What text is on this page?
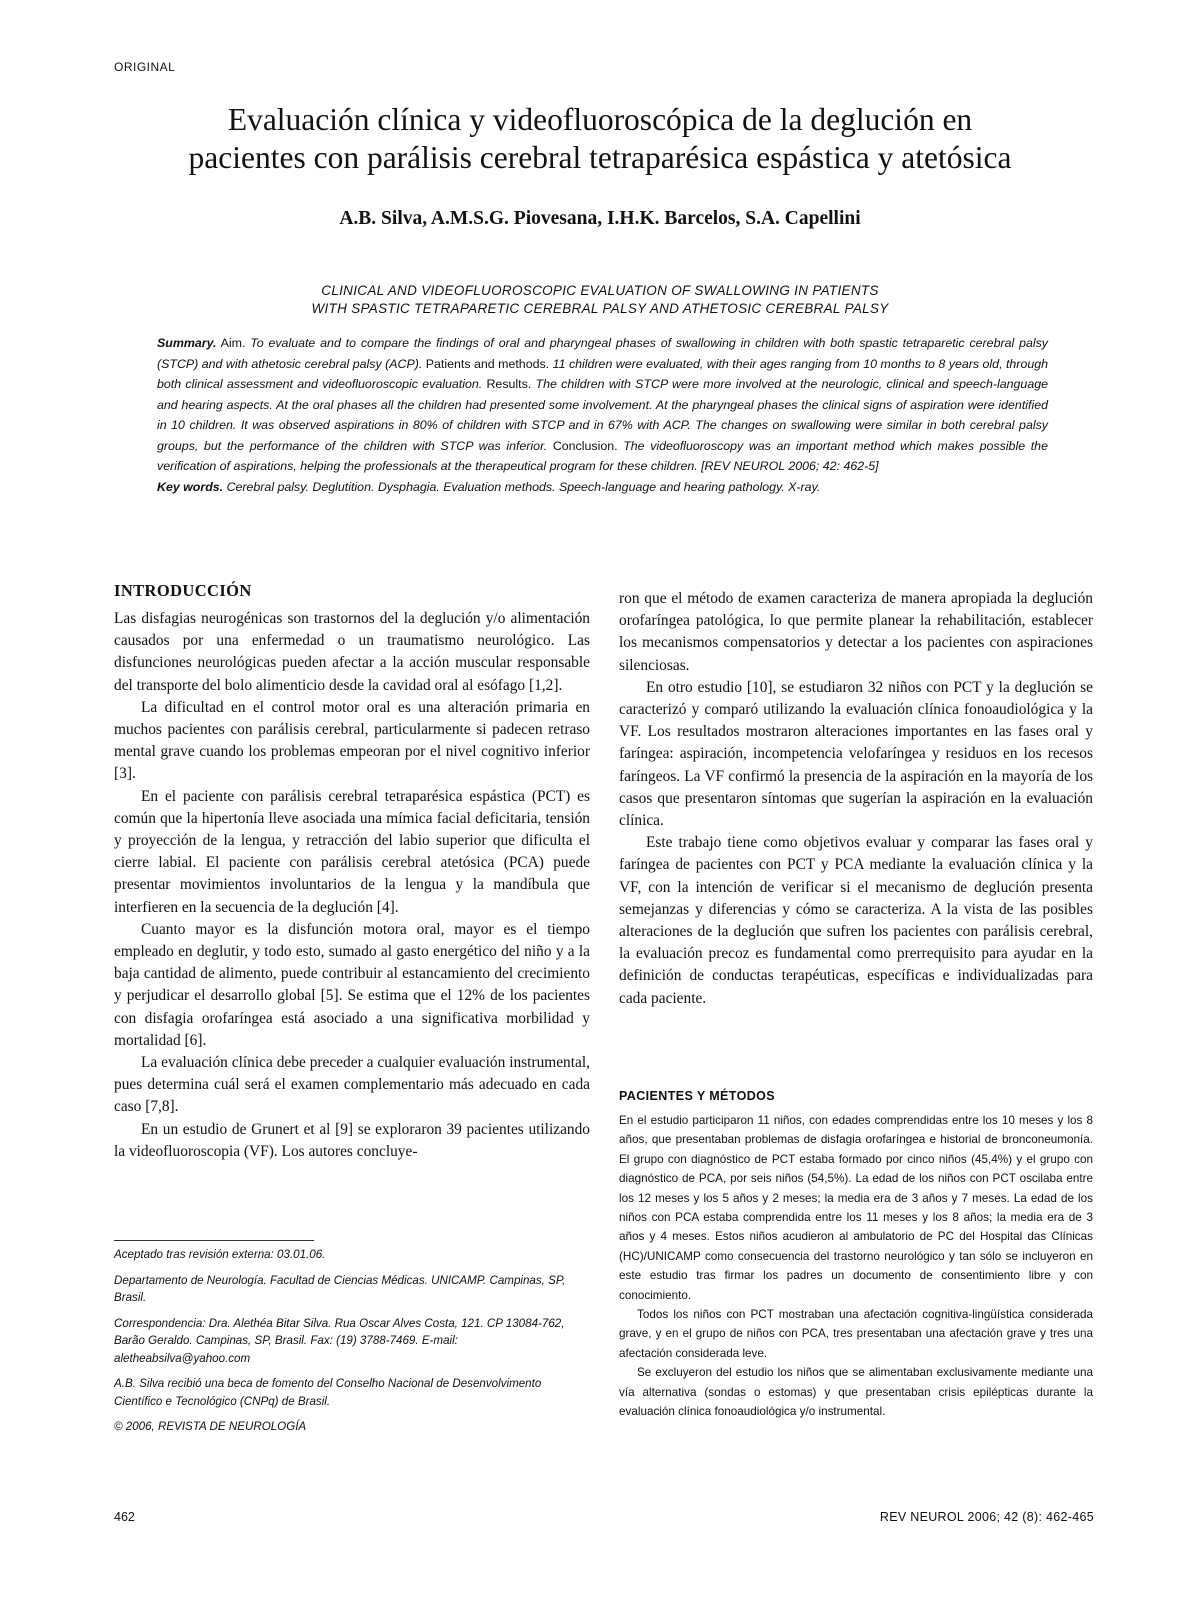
ORIGINAL
Evaluación clínica y videofluoroscópica de la deglución en
pacientes con parálisis cerebral tetraparésica espástica y atetósica
A.B. Silva, A.M.S.G. Piovesana, I.H.K. Barcelos, S.A. Capellini
CLINICAL AND VIDEOFLUOROSCOPIC EVALUATION OF SWALLOWING IN PATIENTS
WITH SPASTIC TETRAPARETIC CEREBRAL PALSY AND ATHETOSIC CEREBRAL PALSY

Summary. Aim. To evaluate and to compare the findings of oral and pharyngeal phases of swallowing in children with both spastic tetraparetic cerebral palsy (STCP) and with athetosic cerebral palsy (ACP). Patients and methods. 11 children were evaluated, with their ages ranging from 10 months to 8 years old, through both clinical assessment and videofluoroscopic evaluation. Results. The children with STCP were more involved at the neurologic, clinical and speech-language and hearing aspects. At the oral phases all the children had presented some involvement. At the pharyngeal phases the clinical signs of aspiration were identified in 10 children. It was observed aspirations in 80% of children with STCP and in 67% with ACP. The changes on swallowing were similar in both cerebral palsy groups, but the performance of the children with STCP was inferior. Conclusion. The videofluoroscopy was an important method which makes possible the verification of aspirations, helping the professionals at the therapeutical program for these children. [REV NEUROL 2006; 42: 462-5]

Key words. Cerebral palsy. Deglutition. Dysphagia. Evaluation methods. Speech-language and hearing pathology. X-ray.

INTRODUCCIÓN

Las disfagias neurogénicas son trastornos del la deglución y/o alimentación causados por una enfermedad o un traumatismo neurológico. Las disfunciones neurológicas pueden afectar a la acción muscular responsable del transporte del bolo alimenticio desde la cavidad oral al esófago [1,2].

La dificultad en el control motor oral es una alteración primaria en muchos pacientes con parálisis cerebral, particularmente si padecen retraso mental grave cuando los problemas empeoran por el nivel cognitivo inferior [3].

En el paciente con parálisis cerebral tetraparésica espástica (PCT) es común que la hipertonía lleve asociada una mímica facial deficitaria, tensión y proyección de la lengua, y retracción del labio superior que dificulta el cierre labial. El paciente con parálisis cerebral atetósica (PCA) puede presentar movimientos involuntarios de la lengua y la mandíbula que interfieren en la secuencia de la deglución [4].

Cuanto mayor es la disfunción motora oral, mayor es el tiempo empleado en deglutir, y todo esto, sumado al gasto energético del niño y a la baja cantidad de alimento, puede contribuir al estancamiento del crecimiento y perjudicar el desarrollo global [5]. Se estima que el 12% de los pacientes con disfagia orofaríngea está asociado a una significativa morbilidad y mortalidad [6].

La evaluación clínica debe preceder a cualquier evaluación instrumental, pues determina cuál será el examen complementario más adecuado en cada caso [7,8].

En un estudio de Grunert et al [9] se exploraron 39 pacientes utilizando la videofluoroscopia (VF). Los autores concluye-

ron que el método de examen caracteriza de manera apropiada la deglución orofaríngea patológica, lo que permite planear la rehabilitación, establecer los mecanismos compensatorios y detectar a los pacientes con aspiraciones silenciosas.

En otro estudio [10], se estudiaron 32 niños con PCT y la deglución se caracterizó y comparó utilizando la evaluación clínica fonoaudiológica y la VF. Los resultados mostraron alteraciones importantes en las fases oral y faríngea: aspiración, incompetencia velofaríngea y residuos en los recesos faríngeos. La VF confirmó la presencia de la aspiración en la mayoría de los casos que presentaron síntomas que sugerían la aspiración en la evaluación clínica.

Este trabajo tiene como objetivos evaluar y comparar las fases oral y faríngea de pacientes con PCT y PCA mediante la evaluación clínica y la VF, con la intención de verificar si el mecanismo de deglución presenta semejanzas y diferencias y cómo se caracteriza. A la vista de las posibles alteraciones de la deglución que sufren los pacientes con parálisis cerebral, la evaluación precoz es fundamental como prerrequisito para ayudar en la definición de conductas terapéuticas, específicas e individualizadas para cada paciente.

PACIENTES Y MÉTODOS

En el estudio participaron 11 niños, con edades comprendidas entre los 10 meses y los 8 años, que presentaban problemas de disfagia orofaríngea e historial de bronconeumonía. El grupo con diagnóstico de PCT estaba formado por cinco niños (45,4%) y el grupo con diagnóstico de PCA, por seis niños (54,5%). La edad de los niños con PCT oscilaba entre los 12 meses y los 5 años y 2 meses; la media era de 3 años y 7 meses. La edad de los niños con PCA estaba comprendida entre los 11 meses y los 8 años; la media era de 3 años y 4 meses. Estos niños acudieron al ambulatorio de PC del Hospital das Clínicas (HC)/UNICAMP como consecuencia del trastorno neurológico y tan sólo se incluyeron en este estudio tras firmar los padres un documento de consentimiento libre y con conocimiento.

Todos los niños con PCT mostraban una afectación cognitiva-lingüística considerada grave, y en el grupo de niños con PCA, tres presentaban una afectación grave y tres una afectación considerada leve.

Se excluyeron del estudio los niños que se alimentaban exclusivamente mediante una vía alternativa (sondas o estomas) y que presentaban crisis epilépticas durante la evaluación clínica fonoaudiológica y/o instrumental.

Aceptado tras revisión externa: 03.01.06.

Departamento de Neurología. Facultad de Ciencias Médicas. UNICAMP. Campinas, SP, Brasil.

Correspondencia: Dra. Alethéa Bitar Silva. Rua Oscar Alves Costa, 121. CP 13084-762, Barão Geraldo. Campinas, SP, Brasil. Fax: (19) 3788-7469. E-mail: aletheabsilva@yahoo.com

A.B. Silva recibió una beca de fomento del Conselho Nacional de Desenvolvimento Científico e Tecnológico (CNPq) de Brasil.

© 2006, REVISTA DE NEUROLOGÍA

462	REV NEUROL 2006; 42 (8): 462-465
